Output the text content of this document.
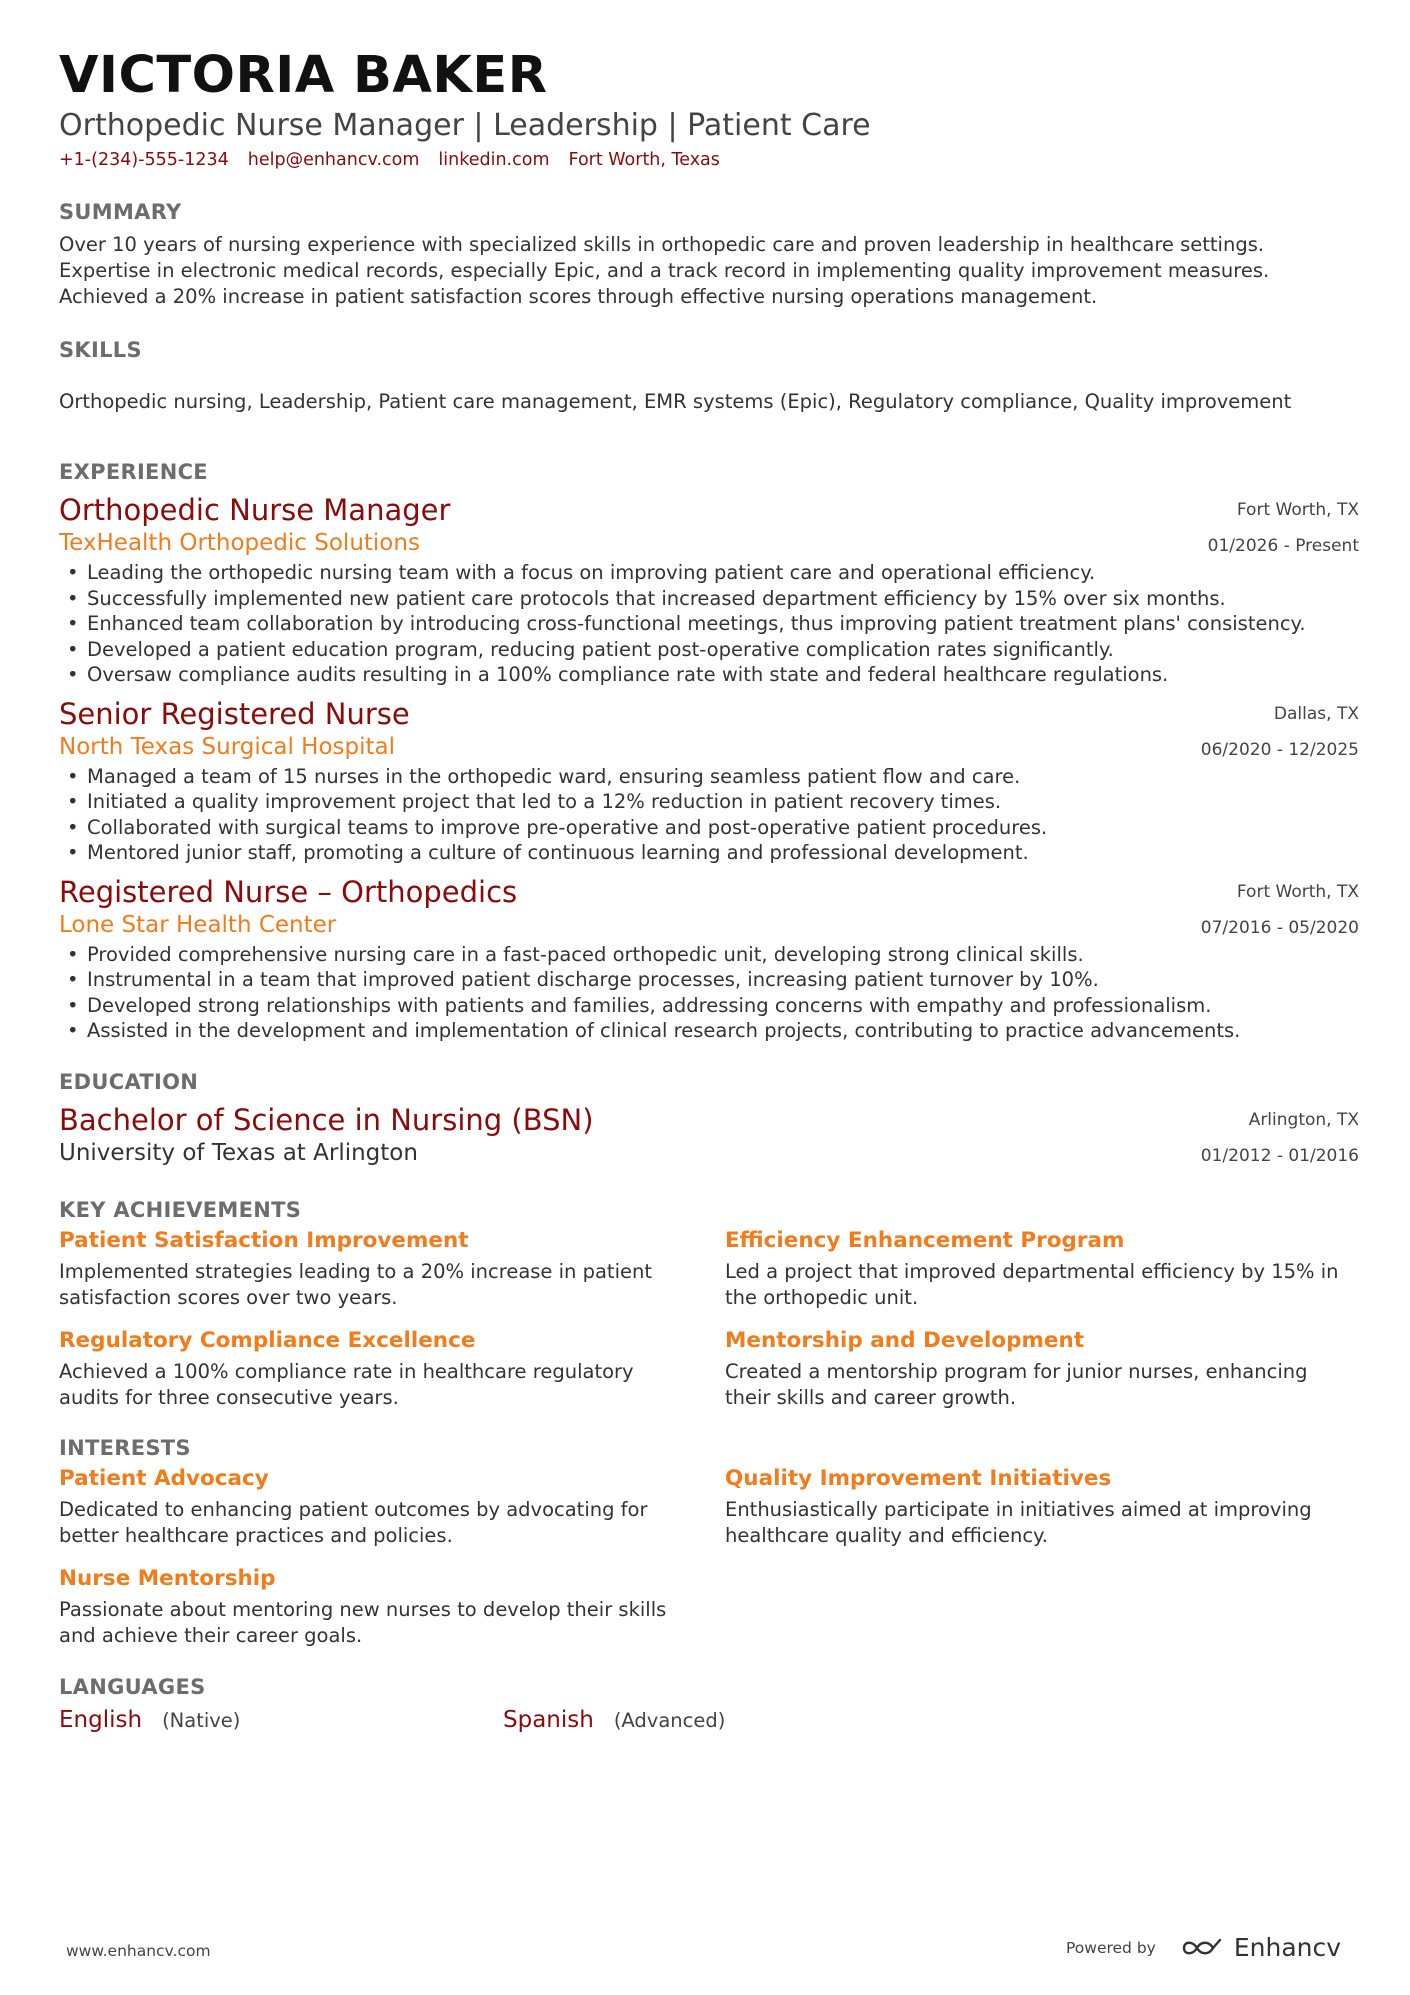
VICTORIA BAKER
Orthopedic Nurse Manager | Leadership | Patient Care
+1-(234)-555-1234 help@enhancv.com linkedin.com Fort Worth, Texas
SUMMARY
Over 10 years of nursing experience with specialized skills in orthopedic care and proven leadership in healthcare settings. Expertise in electronic medical records, especially Epic, and a track record in implementing quality improvement measures. Achieved a 20% increase in patient satisfaction scores through effective nursing operations management.
SKILLS
Orthopedic nursing, Leadership, Patient care management, EMR systems (Epic), Regulatory compliance, Quality improvement
EXPERIENCE
Orthopedic Nurse Manager
TexHealth Orthopedic Solutions
Fort Worth, TX
01/2026 - Present
• Leading the orthopedic nursing team with a focus on improving patient care and operational efficiency.
• Successfully implemented new patient care protocols that increased department efficiency by 15% over six months.
• Enhanced team collaboration by introducing cross-functional meetings, thus improving patient treatment plans' consistency.
• Developed a patient education program, reducing patient post-operative complication rates significantly.
• Oversaw compliance audits resulting in a 100% compliance rate with state and federal healthcare regulations.
Senior Registered Nurse
North Texas Surgical Hospital
Dallas, TX
06/2020 - 12/2025
• Managed a team of 15 nurses in the orthopedic ward, ensuring seamless patient flow and care.
• Initiated a quality improvement project that led to a 12% reduction in patient recovery times.
• Collaborated with surgical teams to improve pre-operative and post-operative patient procedures.
• Mentored junior staff, promoting a culture of continuous learning and professional development.
Registered Nurse – Orthopedics
Lone Star Health Center
Fort Worth, TX
07/2016 - 05/2020
• Provided comprehensive nursing care in a fast-paced orthopedic unit, developing strong clinical skills.
• Instrumental in a team that improved patient discharge processes, increasing patient turnover by 10%.
• Developed strong relationships with patients and families, addressing concerns with empathy and professionalism.
• Assisted in the development and implementation of clinical research projects, contributing to practice advancements.
EDUCATION
Bachelor of Science in Nursing (BSN)
University of Texas at Arlington
Arlington, TX
01/2012 - 01/2016
KEY ACHIEVEMENTS
Patient Satisfaction Improvement
Implemented strategies leading to a 20% increase in patient satisfaction scores over two years.
Efficiency Enhancement Program
Led a project that improved departmental efficiency by 15% in the orthopedic unit.
Regulatory Compliance Excellence
Achieved a 100% compliance rate in healthcare regulatory audits for three consecutive years.
Mentorship and Development
Created a mentorship program for junior nurses, enhancing their skills and career growth.
INTERESTS
Patient Advocacy
Dedicated to enhancing patient outcomes by advocating for better healthcare practices and policies.
Quality Improvement Initiatives
Enthusiastically participate in initiatives aimed at improving healthcare quality and efficiency.
Nurse Mentorship
Passionate about mentoring new nurses to develop their skills and achieve their career goals.
LANGUAGES
English (Native)	Spanish (Advanced)
www.enhancv.com	Powered by	Enhancv
